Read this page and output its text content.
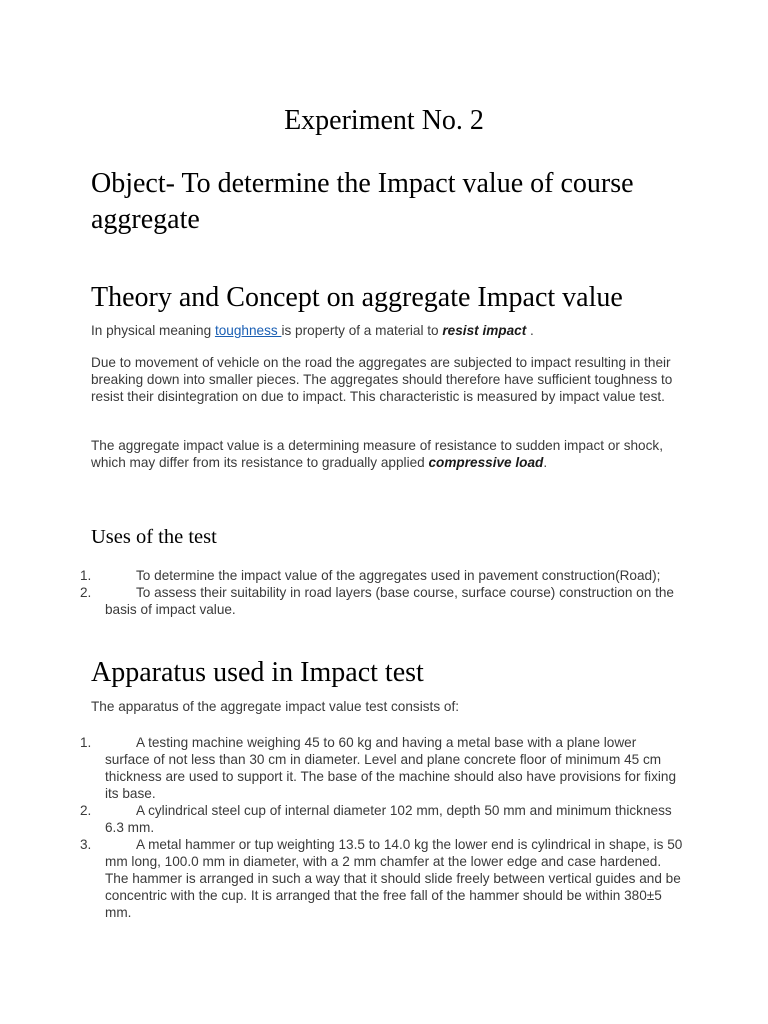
Experiment No. 2
Object- To determine the Impact value of course aggregate
Theory and Concept on aggregate Impact value

In physical meaning toughness is property of a material to resist impact .

Due to movement of vehicle on the road the aggregates are subjected to impact resulting in their breaking down into smaller pieces. The aggregates should therefore have sufficient toughness to resist their disintegration on due to impact. This characteristic is measured by impact value test.

The aggregate impact value is a determining measure of resistance to sudden impact or shock, which may differ from its resistance to gradually applied compressive load.

Uses of the test
1.	To determine the impact value of the aggregates used in pavement construction(Road);
2.	To assess their suitability in road layers (base course, surface course) construction on the basis of impact value.
Apparatus used in Impact test

The apparatus of the aggregate impact value test consists of:

1.	A testing machine weighing 45 to 60 kg and having a metal base with a plane lower surface of not less than 30 cm in diameter. Level and plane concrete floor of minimum 45 cm thickness are used to support it. The base of the machine should also have provisions for fixing its base.
2.	A cylindrical steel cup of internal diameter 102 mm, depth 50 mm and minimum thickness 6.3 mm.
3.	A metal hammer or tup weighting 13.5 to 14.0 kg the lower end is cylindrical in shape, is 50 mm long, 100.0 mm in diameter, with a 2 mm chamfer at the lower edge and case hardened. The hammer is arranged in such a way that it should slide freely between vertical guides and be concentric with the cup. It is arranged that the free fall of the hammer should be within 380±5 mm.
